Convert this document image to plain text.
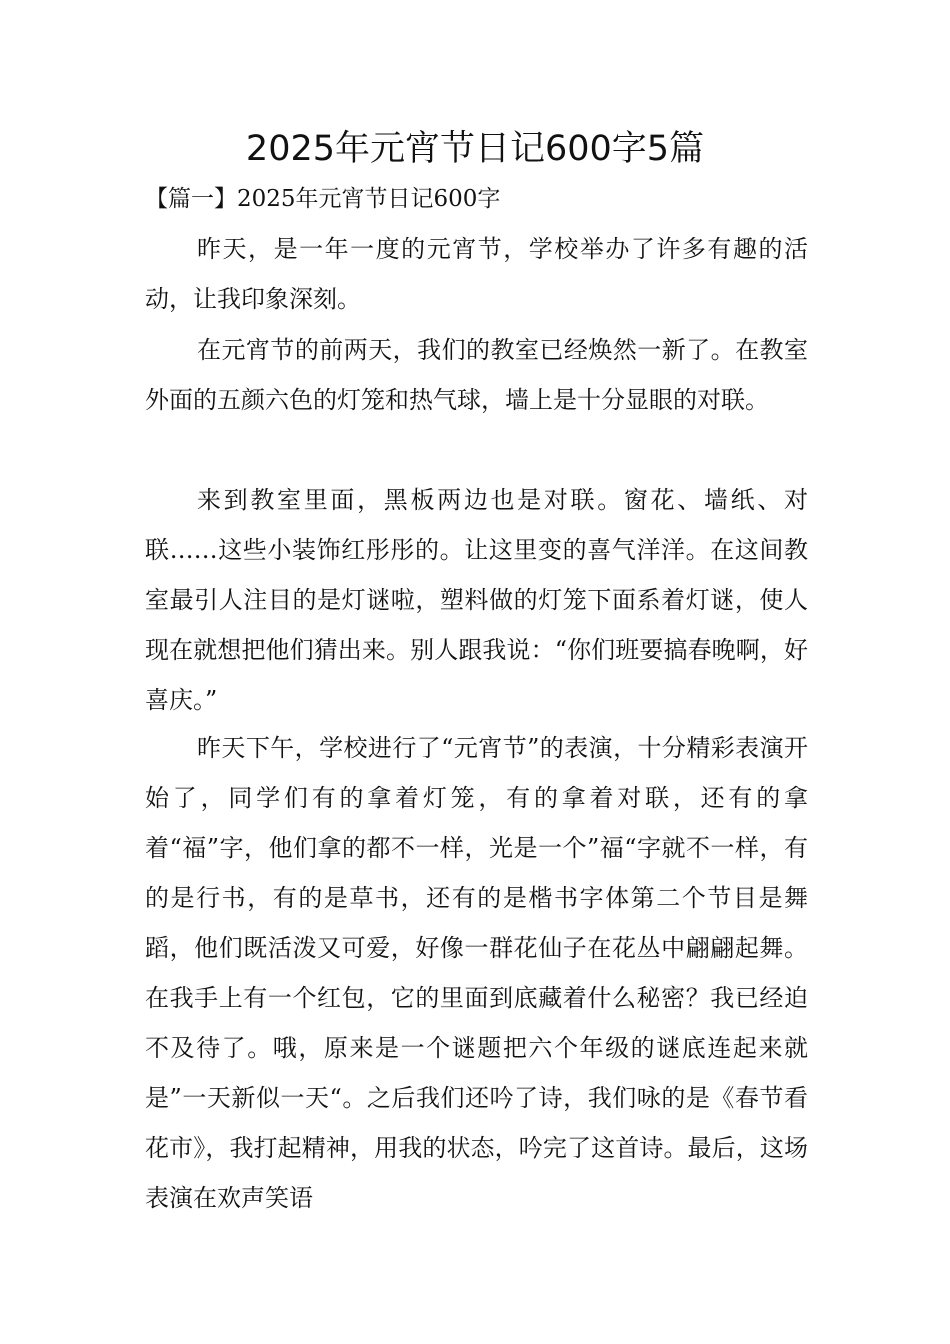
2025年元宵节日记600字5篇
【篇一】2025年元宵节日记600字

昨天，是一年一度的元宵节，学校举办了许多有趣的活动，让我印象深刻。

在元宵节的前两天，我们的教室已经焕然一新了。在教室外面的五颜六色的灯笼和热气球，墙上是十分显眼的对联。

来到教室里面，黑板两边也是对联。窗花、墙纸、对联……这些小装饰红彤彤的。让这里变的喜气洋洋。在这间教室最引人注目的是灯谜啦，塑料做的灯笼下面系着灯谜，使人现在就想把他们猜出来。别人跟我说：“你们班要搞春晚啊，好喜庆。”

昨天下午，学校进行了“元宵节”的表演，十分精彩表演开始了，同学们有的拿着灯笼，有的拿着对联，还有的拿着“福”字，他们拿的都不一样，光是一个”福“字就不一样，有的是行书，有的是草书，还有的是楷书字体第二个节目是舞蹈，他们既活泼又可爱，好像一群花仙子在花丛中翩翩起舞。在我手上有一个红包，它的里面到底藏着什么秘密？我已经迫不及待了。哦，原来是一个谜题把六个年级的谜底连起来就是”一天新似一天“。之后我们还吟了诗，我们咏的是《春节看花市》，我打起精神，用我的状态，吟完了这首诗。最后，这场表演在欢声笑语
